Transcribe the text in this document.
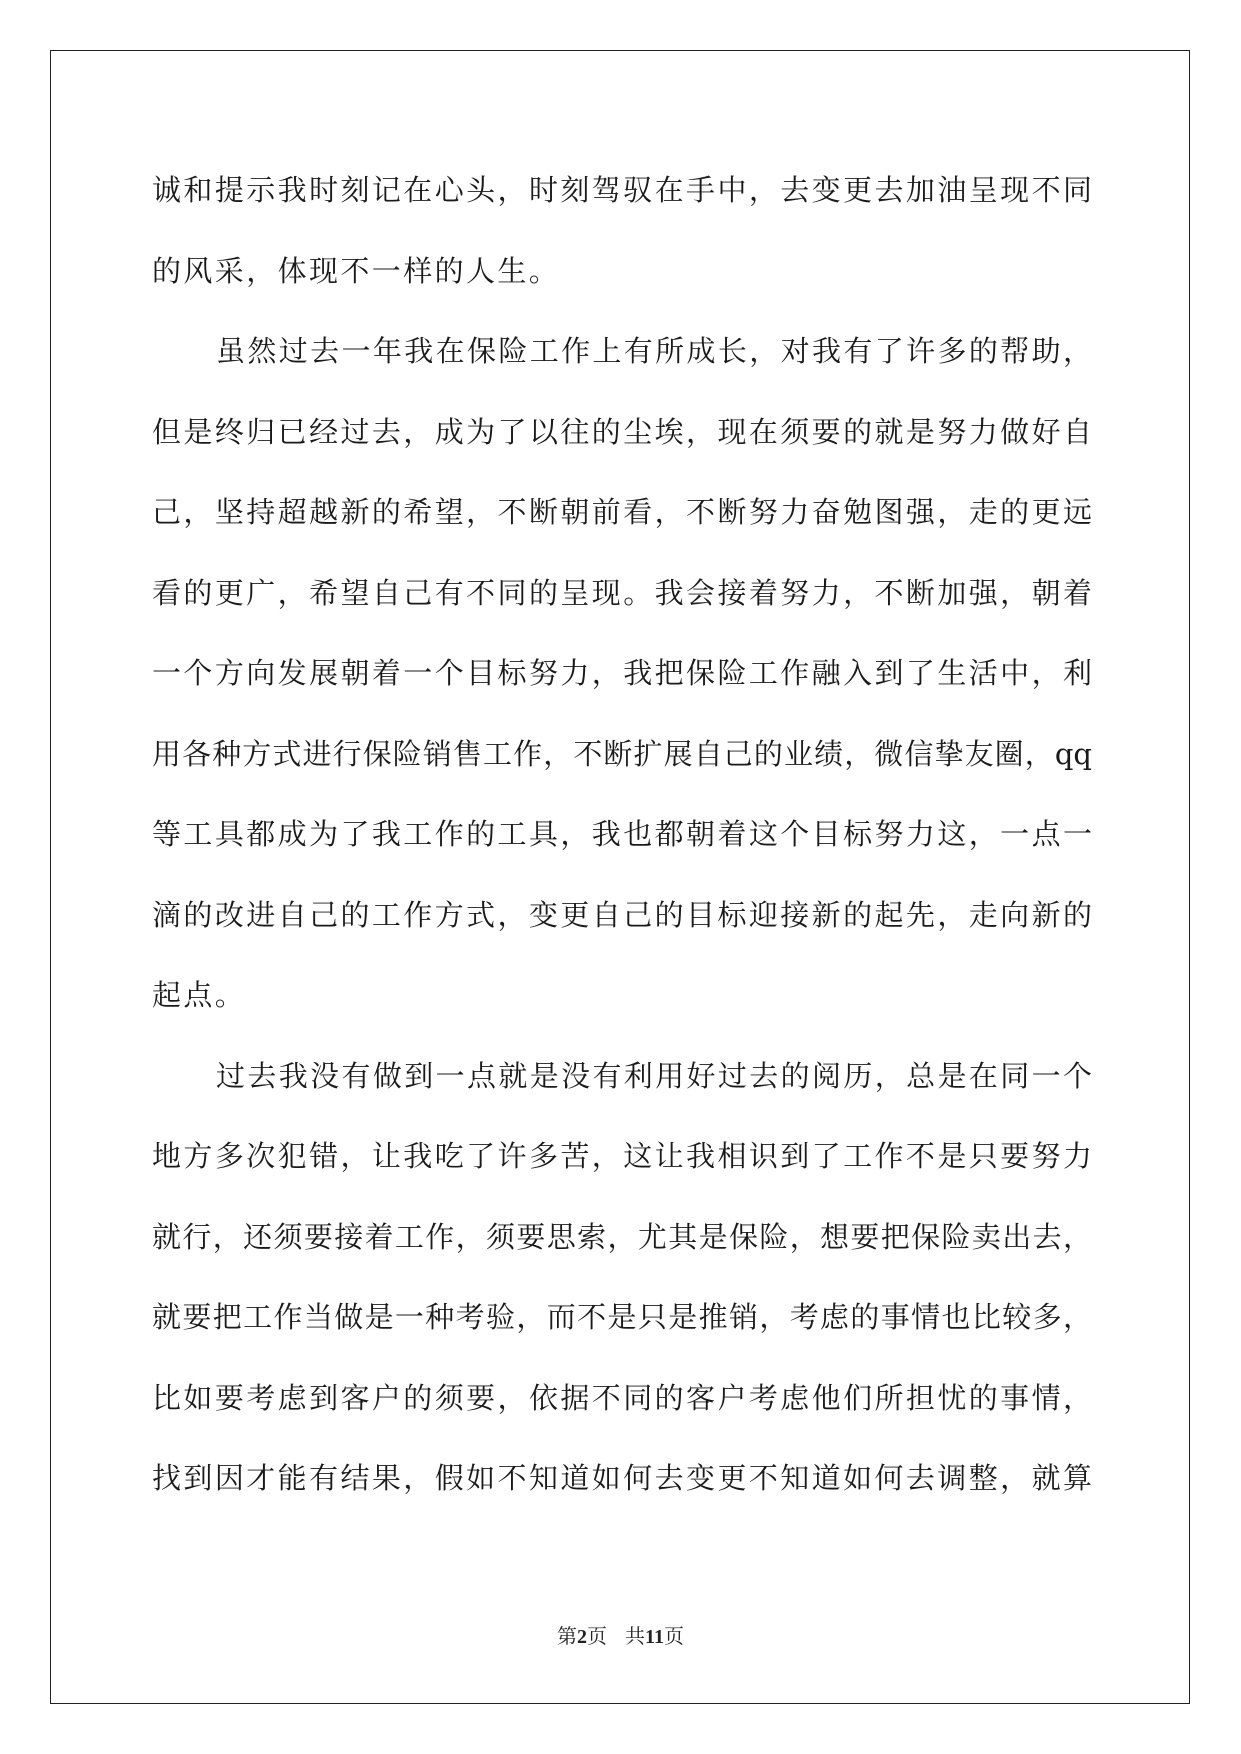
诚和提示我时刻记在心头，时刻驾驭在手中，去变更去加油呈现不同
的风采，体现不一样的人生。
虽然过去一年我在保险工作上有所成长，对我有了许多的帮助，
但是终归已经过去，成为了以往的尘埃，现在须要的就是努力做好自
己，坚持超越新的希望，不断朝前看，不断努力奋勉图强，走的更远
看的更广，希望自己有不同的呈现。我会接着努力，不断加强，朝着
一个方向发展朝着一个目标努力，我把保险工作融入到了生活中，利
用各种方式进行保险销售工作，不断扩展自己的业绩，微信挚友圈，qq
等工具都成为了我工作的工具，我也都朝着这个目标努力这，一点一
滴的改进自己的工作方式，变更自己的目标迎接新的起先，走向新的
起点。
过去我没有做到一点就是没有利用好过去的阅历，总是在同一个
地方多次犯错，让我吃了许多苦，这让我相识到了工作不是只要努力
就行，还须要接着工作，须要思索，尤其是保险，想要把保险卖出去，
就要把工作当做是一种考验，而不是只是推销，考虑的事情也比较多，
比如要考虑到客户的须要，依据不同的客户考虑他们所担忧的事情，
找到因才能有结果，假如不知道如何去变更不知道如何去调整，就算
第2页 共11页
